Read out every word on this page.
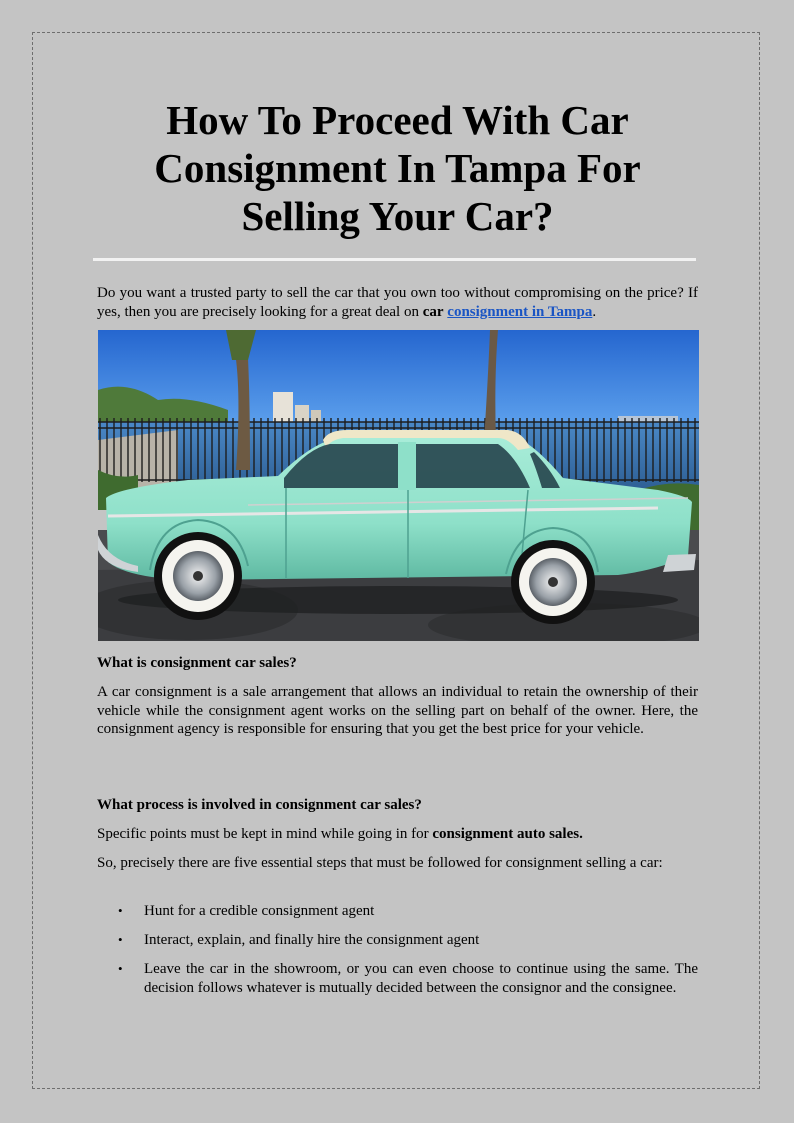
How To Proceed With Car Consignment In Tampa For Selling Your Car?

Do you want a trusted party to sell the car that you own too without compromising on the price? If yes, then you are precisely looking for a great deal on car consignment in Tampa.

What is consignment car sales?

A car consignment is a sale arrangement that allows an individual to retain the ownership of their vehicle while the consignment agent works on the selling part on behalf of the owner. Here, the consignment agency is responsible for ensuring that you get the best price for your vehicle.

What process is involved in consignment car sales?

Specific points must be kept in mind while going in for consignment auto sales.

So, precisely there are five essential steps that must be followed for consignment selling a car:

• Hunt for a credible consignment agent
• Interact, explain, and finally hire the consignment agent
• Leave the car in the showroom, or you can even choose to continue using the same. The decision follows whatever is mutually decided between the consignor and the consignee.
